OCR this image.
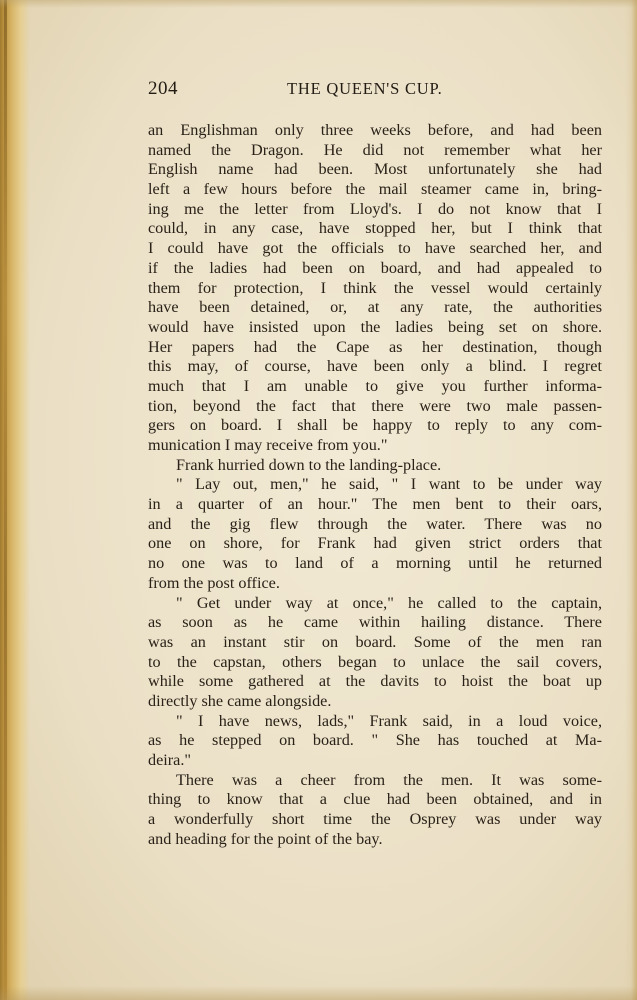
204	THE QUEEN'S CUP.
an Englishman only three weeks before, and had been
named the Dragon. He did not remember what her
English name had been. Most unfortunately she had
left a few hours before the mail steamer came in, bring-
ing me the letter from Lloyd's. I do not know that I
could, in any case, have stopped her, but I think that
I could have got the officials to have searched her, and
if the ladies had been on board, and had appealed to
them for protection, I think the vessel would certainly
have been detained, or, at any rate, the authorities
would have insisted upon the ladies being set on shore.
Her papers had the Cape as her destination, though
this may, of course, have been only a blind. I regret
much that I am unable to give you further informa-
tion, beyond the fact that there were two male passen-
gers on board. I shall be happy to reply to any com-
munication I may receive from you."
Frank hurried down to the landing-place.
" Lay out, men," he said, " I want to be under way
in a quarter of an hour." The men bent to their oars,
and the gig flew through the water. There was no
one on shore, for Frank had given strict orders that
no one was to land of a morning until he returned
from the post office.
" Get under way at once," he called to the captain,
as soon as he came within hailing distance. There
was an instant stir on board. Some of the men ran
to the capstan, others began to unlace the sail covers,
while some gathered at the davits to hoist the boat up
directly she came alongside.
" I have news, lads," Frank said, in a loud voice,
as he stepped on board. " She has touched at Ma-
deira."
There was a cheer from the men. It was some-
thing to know that a clue had been obtained, and in
a wonderfully short time the Osprey was under way
and heading for the point of the bay.
